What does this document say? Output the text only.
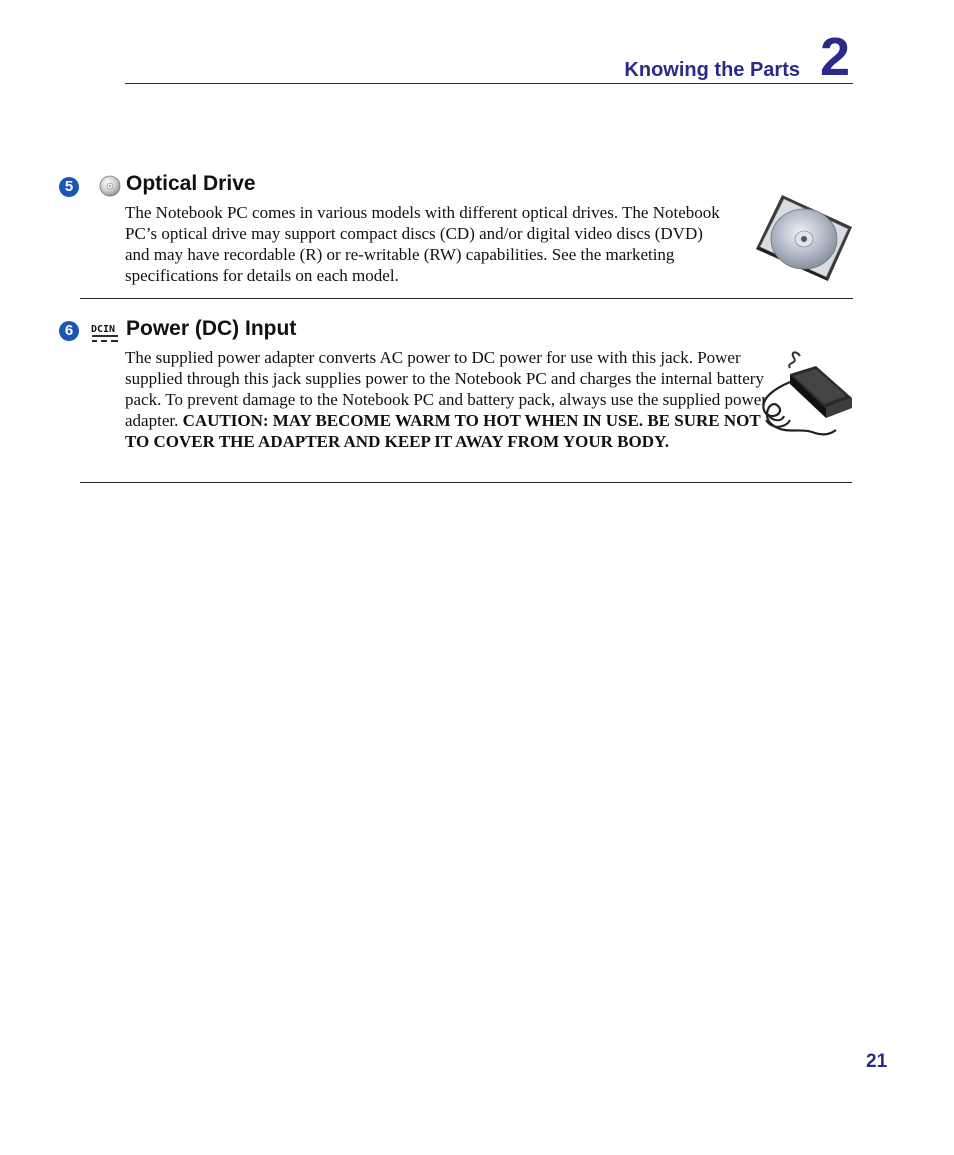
Knowing the Parts 2
5	Optical Drive
The Notebook PC comes in various models with different optical drives. The Notebook PC’s optical drive may support compact discs (CD) and/or digital video discs (DVD) and may have recordable (R) or re-writable (RW) capabilities. See the marketing specifications for details on each model.
6	DCIN Power (DC) Input
The supplied power adapter converts AC power to DC power for use with this jack. Power supplied through this jack supplies power to the Notebook PC and charges the internal battery pack. To prevent damage to the Notebook PC and battery pack, always use the supplied power adapter. CAUTION: MAY BECOME WARM TO HOT WHEN IN USE. BE SURE NOT TO COVER THE ADAPTER AND KEEP IT AWAY FROM YOUR BODY.
21
